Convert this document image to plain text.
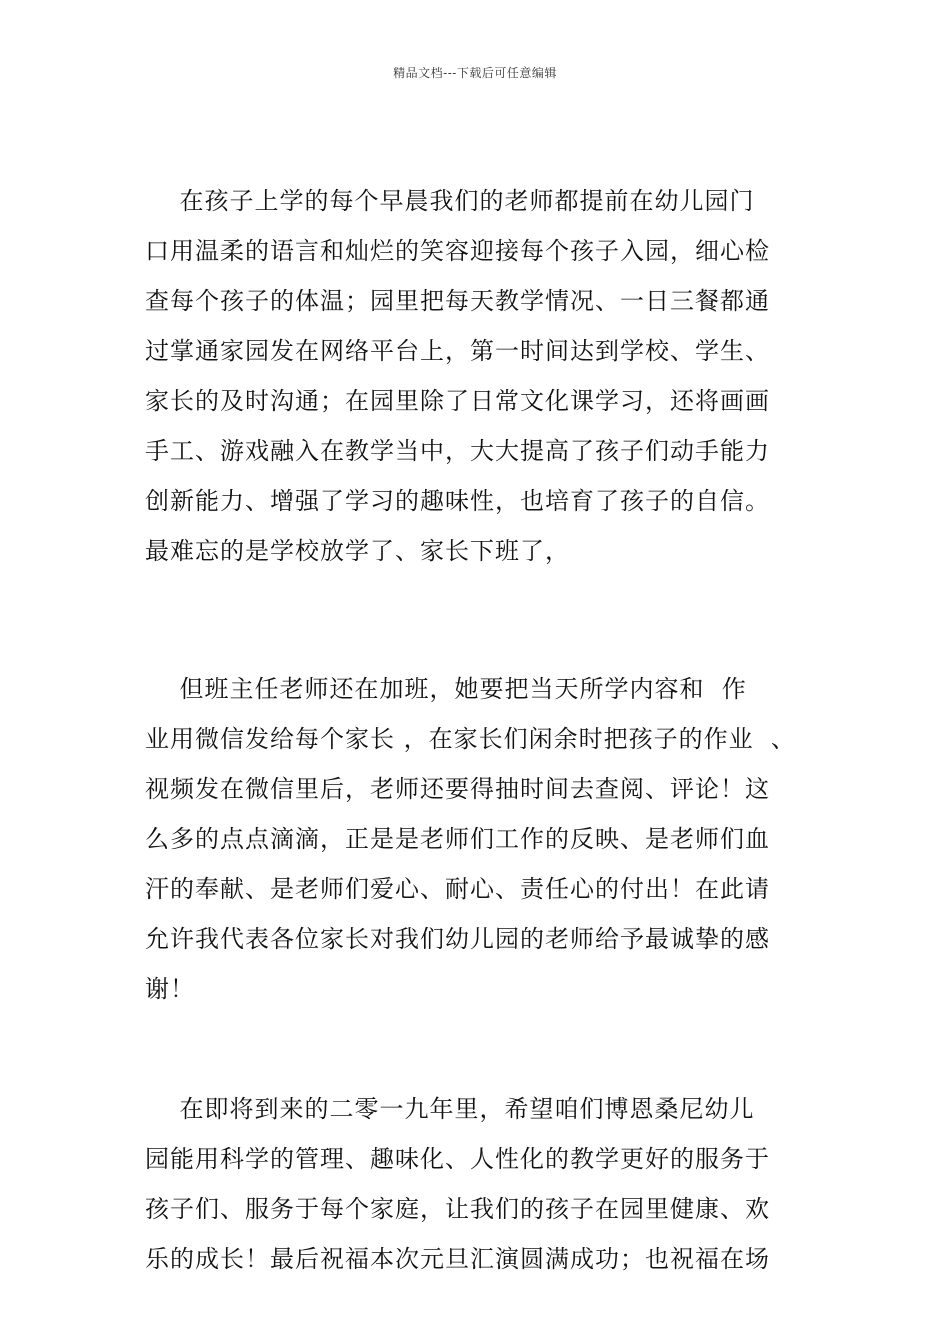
精品文档---下载后可任意编辑
在孩子上学的每个早晨我们的老师都提前在幼儿园门
口用温柔的语言和灿烂的笑容迎接每个孩子入园，细心检
查每个孩子的体温；园里把每天教学情况、一日三餐都通
过掌通家园发在网络平台上，第一时间达到学校、学生、
家长的及时沟通；在园里除了日常文化课学习，还将画画
手工、游戏融入在教学当中，大大提高了孩子们动手能力
创新能力、增强了学习的趣味性，也培育了孩子的自信。
最难忘的是学校放学了、家长下班了，
但班主任老师还在加班，她要把当天所学内容和  作
业用微信发给每个家长 ，在家长们闲余时把孩子的作业  、
视频发在微信里后，老师还要得抽时间去查阅、评论！这
么多的点点滴滴，正是是老师们工作的反映、是老师们血
汗的奉献、是老师们爱心、耐心、责任心的付出！在此请
允许我代表各位家长对我们幼儿园的老师给予最诚挚的感
谢！
在即将到来的二零一九年里，希望咱们博恩桑尼幼儿
园能用科学的管理、趣味化、人性化的教学更好的服务于
孩子们、服务于每个家庭，让我们的孩子在园里健康、欢
乐的成长！最后祝福本次元旦汇演圆满成功；也祝福在场
